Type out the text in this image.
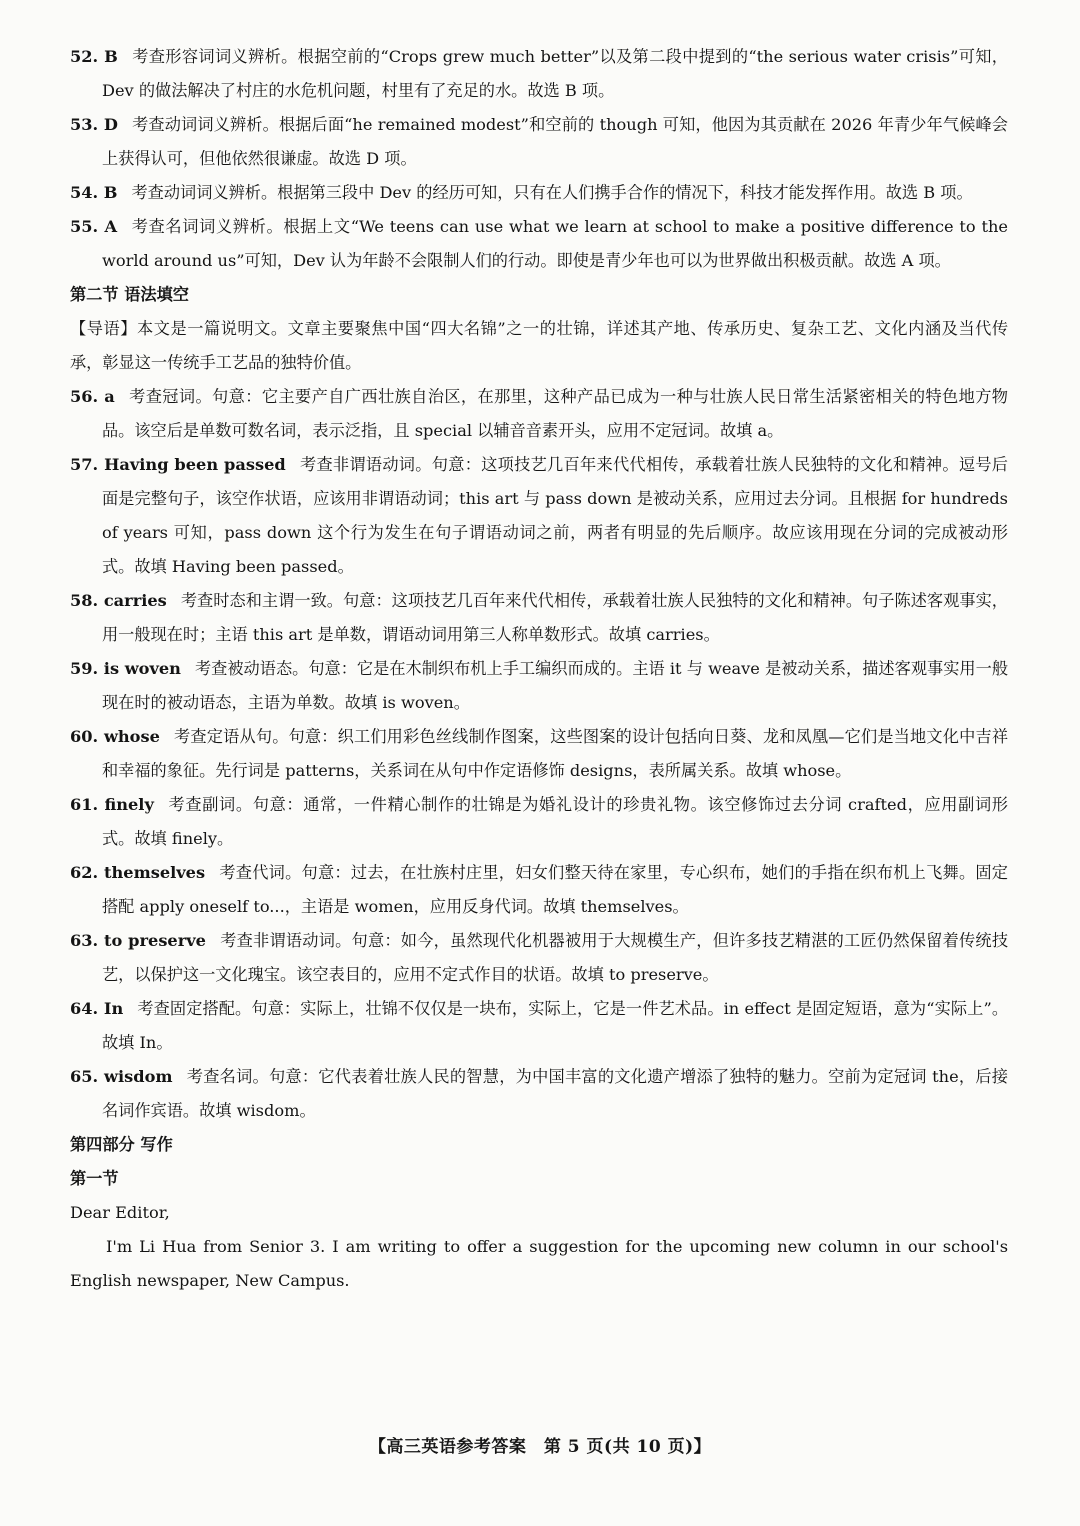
52. B 考查形容词词义辨析。根据空前的“Crops grew much better”以及第二段中提到的“the serious water crisis”可知，Dev 的做法解决了村庄的水危机问题，村里有了充足的水。故选 B 项。

53. D 考查动词词义辨析。根据后面“he remained modest”和空前的 though 可知，他因为其贡献在 2026 年青少年气候峰会上获得认可，但他依然很谦虚。故选 D 项。

54. B 考查动词词义辨析。根据第三段中 Dev 的经历可知，只有在人们携手合作的情况下，科技才能发挥作用。故选 B 项。

55. A 考查名词词义辨析。根据上文“We teens can use what we learn at school to make a positive difference to the world around us”可知，Dev 认为年龄不会限制人们的行动。即使是青少年也可以为世界做出积极贡献。故选 A 项。

第二节 语法填空

【导语】本文是一篇说明文。文章主要聚焦中国“四大名锦”之一的壮锦，详述其产地、传承历史、复杂工艺、文化内涵及当代传承，彰显这一传统手工艺品的独特价值。

56. a 考查冠词。句意：它主要产自广西壮族自治区，在那里，这种产品已成为一种与壮族人民日常生活紧密相关的特色地方物品。该空后是单数可数名词，表示泛指，且 special 以辅音音素开头，应用不定冠词。故填 a。

57. Having been passed 考查非谓语动词。句意：这项技艺几百年来代代相传，承载着壮族人民独特的文化和精神。逗号后面是完整句子，该空作状语，应该用非谓语动词；this art 与 pass down 是被动关系，应用过去分词。且根据 for hundreds of years 可知，pass down 这个行为发生在句子谓语动词之前，两者有明显的先后顺序。故应该用现在分词的完成被动形式。故填 Having been passed。

58. carries 考查时态和主谓一致。句意：这项技艺几百年来代代相传，承载着壮族人民独特的文化和精神。句子陈述客观事实，用一般现在时；主语 this art 是单数，谓语动词用第三人称单数形式。故填 carries。

59. is woven 考查被动语态。句意：它是在木制织布机上手工编织而成的。主语 it 与 weave 是被动关系，描述客观事实用一般现在时的被动语态，主语为单数。故填 is woven。

60. whose 考查定语从句。句意：织工们用彩色丝线制作图案，这些图案的设计包括向日葵、龙和凤凰—它们是当地文化中吉祥和幸福的象征。先行词是 patterns，关系词在从句中作定语修饰 designs，表所属关系。故填 whose。

61. finely 考查副词。句意：通常，一件精心制作的壮锦是为婚礼设计的珍贵礼物。该空修饰过去分词 crafted，应用副词形式。故填 finely。

62. themselves 考查代词。句意：过去，在壮族村庄里，妇女们整天待在家里，专心织布，她们的手指在织布机上飞舞。固定搭配 apply oneself to...，主语是 women，应用反身代词。故填 themselves。

63. to preserve 考查非谓语动词。句意：如今，虽然现代化机器被用于大规模生产，但许多技艺精湛的工匠仍然保留着传统技艺，以保护这一文化瑰宝。该空表目的，应用不定式作目的状语。故填 to preserve。

64. In 考查固定搭配。句意：实际上，壮锦不仅仅是一块布，实际上，它是一件艺术品。in effect 是固定短语，意为“实际上”。故填 In。

65. wisdom 考查名词。句意：它代表着壮族人民的智慧，为中国丰富的文化遗产增添了独特的魅力。空前为定冠词 the，后接名词作宾语。故填 wisdom。

第四部分 写作

第一节

Dear Editor,

I'm Li Hua from Senior 3. I am writing to offer a suggestion for the upcoming new column in our school's English newspaper, New Campus.

【高三英语参考答案　第 5 页(共 10 页)】
